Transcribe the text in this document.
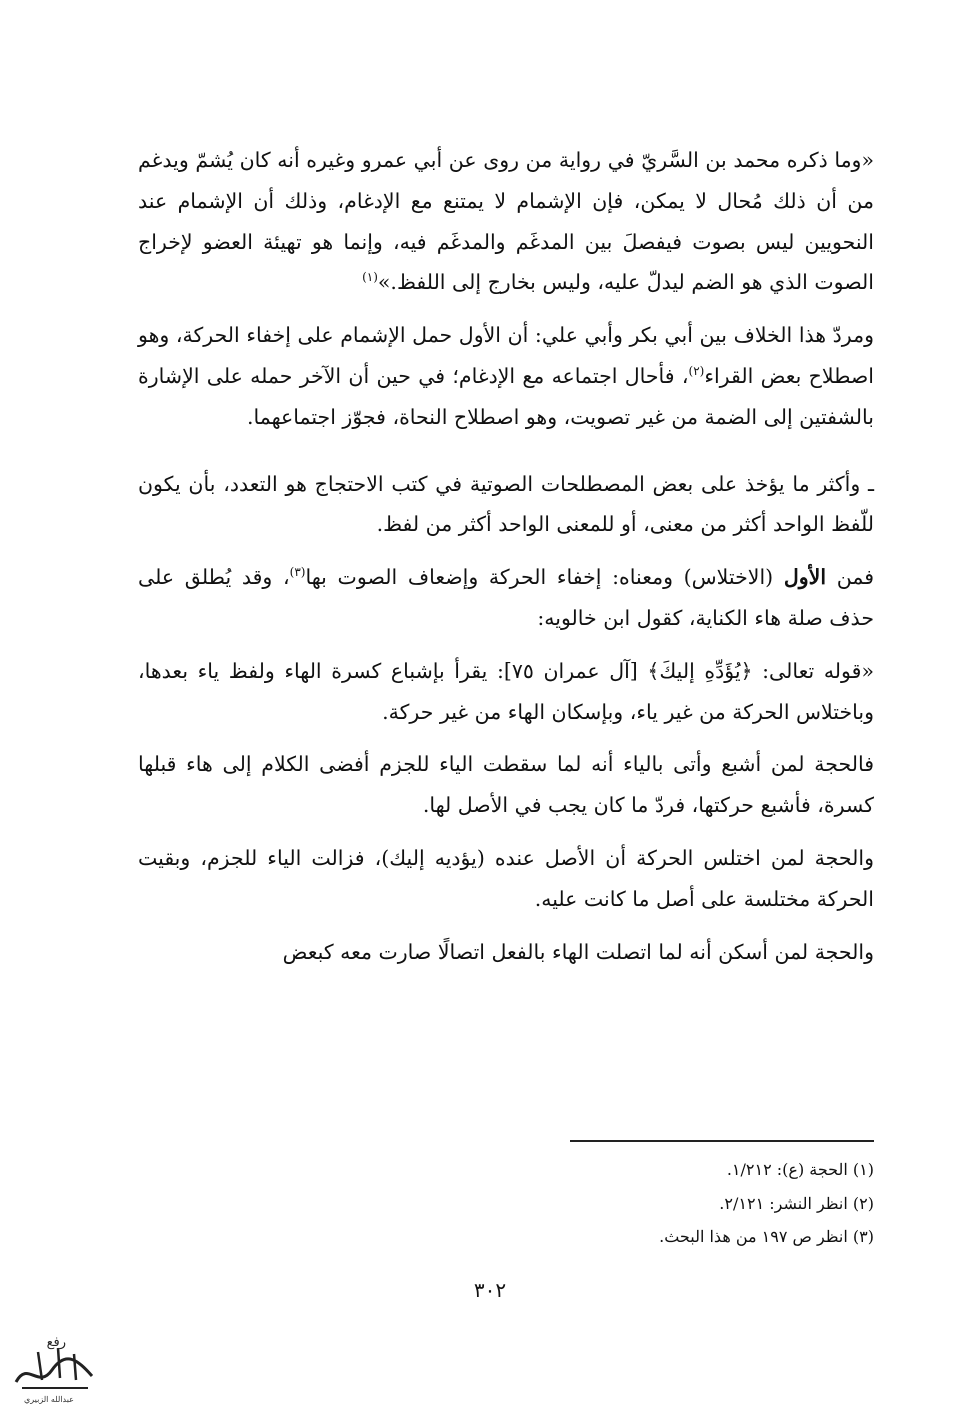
«وما ذكره محمد بن السَّريّ في رواية من روى عن أبي عمرو وغيره أنه كان يُشمّ ويدغم من أن ذلك مُحال لا يمكن، فإن الإشمام لا يمتنع مع الإدغام، وذلك أن الإشمام عند النحويين ليس بصوت فيفصلَ بين المدغَم والمدغَم فيه، وإنما هو تهيئة العضو لإخراج الصوت الذي هو الضم ليدلّ عليه، وليس بخارج إلى اللفظ.»$^{(١)}$

ومردّ هذا الخلاف بين أبي بكر وأبي علي: أن الأول حمل الإشمام على إخفاء الحركة، وهو اصطلاح بعض القراء$^{(٢)}$، فأحال اجتماعه مع الإدغام؛ في حين أن الآخر حمله على الإشارة بالشفتين إلى الضمة من غير تصويت، وهو اصطلاح النحاة، فجوّز اجتماعهما.

ـ وأكثر ما يؤخذ على بعض المصطلحات الصوتية في كتب الاحتجاج هو التعدد، بأن يكون للّفظ الواحد أكثر من معنى، أو للمعنى الواحد أكثر من لفظ.

فمن الأول (الاختلاس) ومعناه: إخفاء الحركة وإضعاف الصوت بها$^{(٣)}$، وقد يُطلق على حذف صلة هاء الكناية، كقول ابن خالويه:

«قوله تعالى: ﴿يُؤَدِّهِ إليكَ﴾ [آل عمران ٧٥]: يقرأ بإشباع كسرة الهاء ولفظ ياء بعدها، وباختلاس الحركة من غير ياء، وبإسكان الهاء من غير حركة.

فالحجة لمن أشبع وأتى بالياء أنه لما سقطت الياء للجزم أفضى الكلام إلى هاء قبلها كسرة، فأشبع حركتها، فردّ ما كان يجب في الأصل لها.

والحجة لمن اختلس الحركة أن الأصل عنده (يؤديه إليك)، فزالت الياء للجزم، وبقيت الحركة مختلسة على أصل ما كانت عليه.

والحجة لمن أسكن أنه لما اتصلت الهاء بالفعل اتصالًا صارت معه كبعض

(١) الحجة (ع): ١/٢١٢.

(٢) انظر النشر: ٢/١٢١.

(٣) انظر ص ١٩٧ من هذا البحث.

٣٠٢
رفع
عبدالله الزبيري
